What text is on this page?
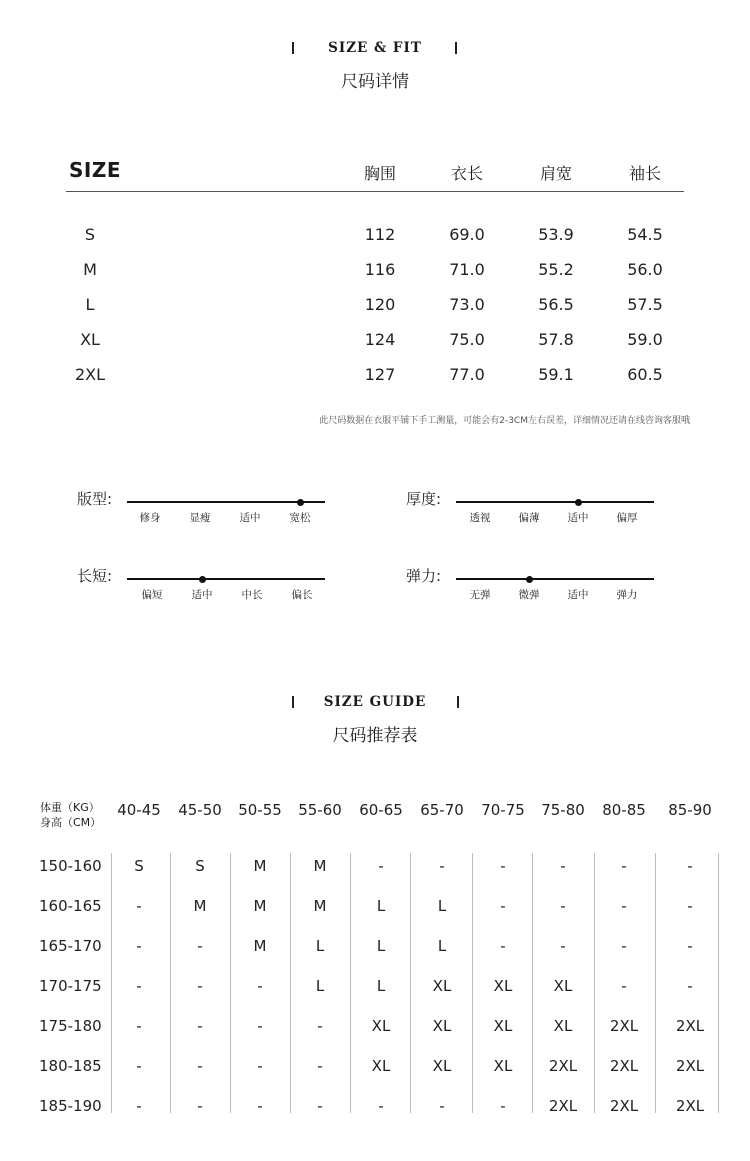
SIZE & FIT
尺码详情
SIZE	胸围	衣长	肩宽	袖长
S	112	69.0	53.9	54.5
M	116	71.0	55.2	56.0
L	120	73.0	56.5	57.5
XL	124	75.0	57.8	59.0
2XL	127	77.0	59.1	60.5
此尺码数据在衣服平铺下手工测量，可能会有2-3CM左右误差，详细情况还请在线咨询客服哦
版型:
修身	显瘦	适中	宽松
厚度:
透视	偏薄	适中	偏厚
长短:
偏短	适中	中长	偏长
弹力:
无弹	微弹	适中	弹力
SIZE GUIDE
尺码推荐表
体重（KG）
身高（CM）
40-45	45-50	50-55	55-60	60-65	65-70	70-75	75-80	80-85	85-90
150-160	S	S	M	M	-	-	-	-	-	-
160-165	-	M	M	M	L	L	-	-	-	-
165-170	-	-	M	L	L	L	-	-	-	-
170-175	-	-	-	L	L	XL	XL	XL	-	-
175-180	-	-	-	-	XL	XL	XL	XL	2XL	2XL
180-185	-	-	-	-	XL	XL	XL	2XL	2XL	2XL
185-190	-	-	-	-	-	-	-	2XL	2XL	2XL
